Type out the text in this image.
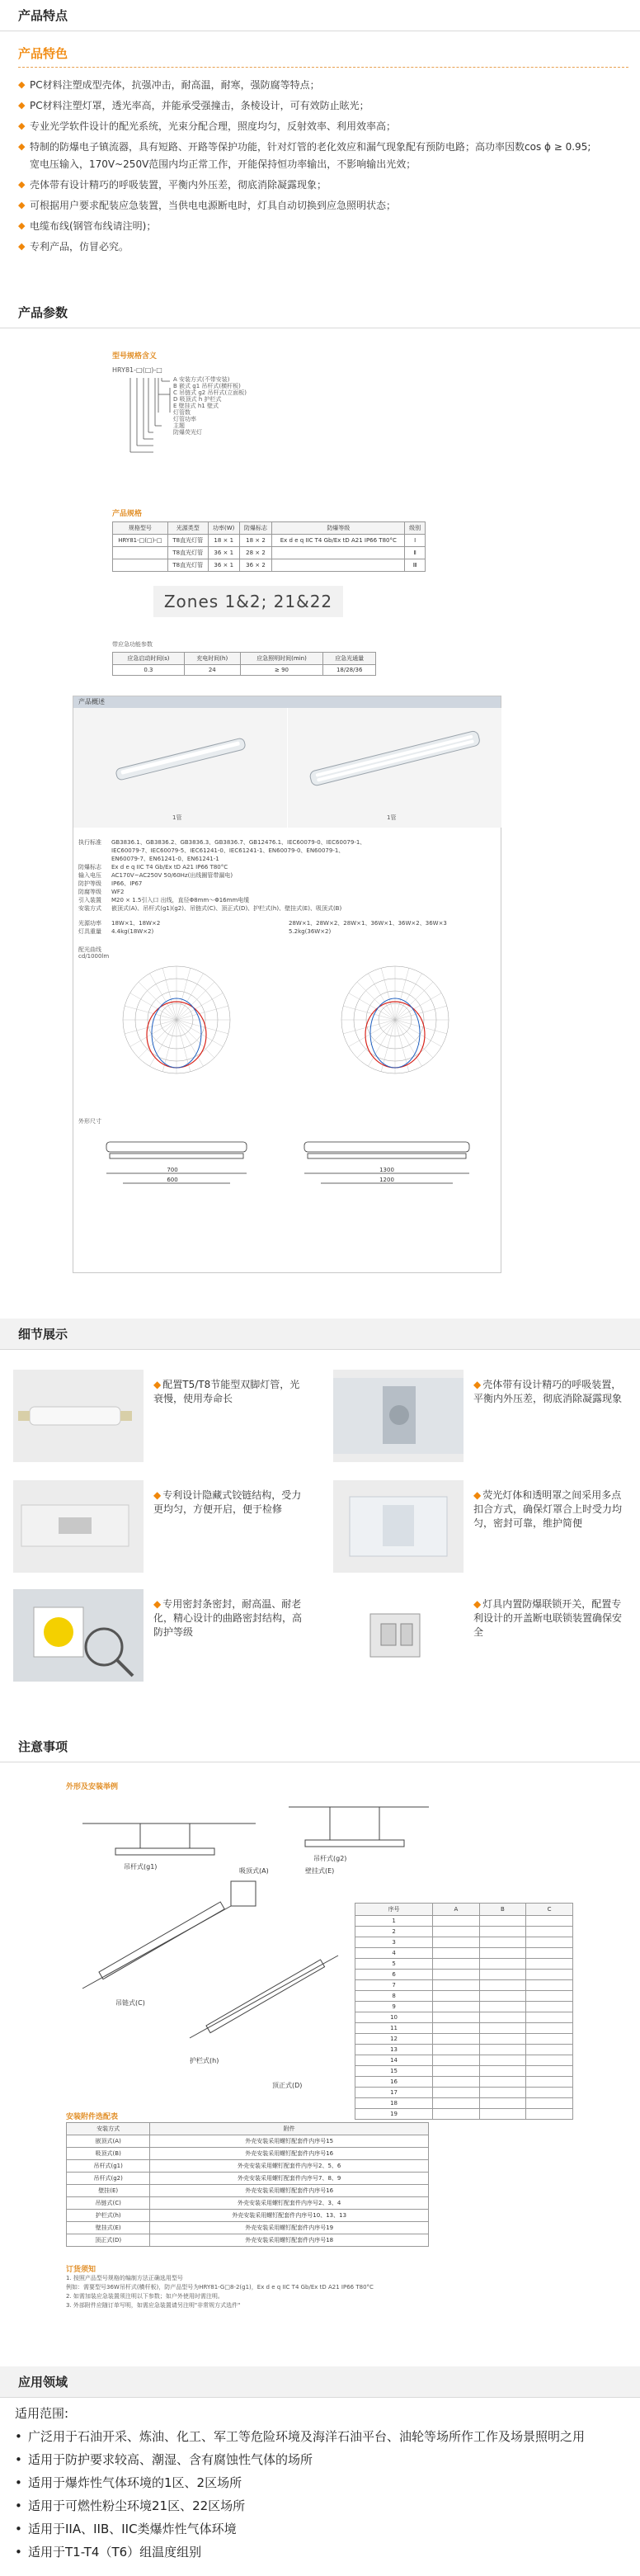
产品特点
产品特色
◆ PC材料注塑成型壳体，抗强冲击，耐高温，耐寒，强防腐等特点；
◆ PC材料注塑灯罩，透光率高，并能承受强撞击，条棱设计，可有效防止眩光；
◆ 专业光学软件设计的配光系统，光束分配合理，照度均匀，反射效率、利用效率高；
◆ 特制的防爆电子镇流器，具有短路、开路等保护功能，针对灯管的老化效应和漏气现象配有预防电路；高功率因数cos ϕ ≥ 0.95;
宽电压输入，170V~250V范围内均正常工作，开能保持恒功率输出，不影响输出光效；
◆ 壳体带有设计精巧的呼吸装置，平衡内外压差，彻底消除凝露现象；
◆ 可根据用户要求配装应急装置，当供电电源断电时，灯具自动切换到应急照明状态；
◆ 电缆布线(钢管布线请注明)；
◆ 专利产品，仿冒必究。
产品参数
型号规格含义
HRY81-□(□)-□
A 安装方式(不带安装)
B 嵌式 g1 吊杆式(横杆板)
C 吊链式 g2 吊杆式(立面板)
D 吸顶式 h 护栏式
E 壁挂式 h1 壁式
灯管数
灯管功率
主题
防爆荧光灯
产品规格
规格型号	光源类型	功率(W)	防爆标志	防爆等级	级别
HRY81-□(□)-□	T8直光灯管	18 × 1	18 × 2	Ex d e q IIC T4 Gb/Ex tD A21 IP66 T80°C	Ⅰ
	T8直光灯管	36 × 1	28 × 2		Ⅱ
	T8直光灯管	36 × 1	36 × 2		Ⅲ
Zones 1&2; 21&22
带应急功能参数
应急启动时间(s)	充电时间(h)	应急照明时间(min)	应急光通量
0.3	24	≥ 90	18/28/36
产品概述
1管	1管
执行标准	GB3836.1、GB3836.2、GB3836.3、GB3836.7、GB12476.1、IEC60079-0、IEC60079-1、
IEC60079-7、IEC60079-5、IEC61241-0、IEC61241-1、EN60079-0、EN60079-1、
EN60079-7、EN61241-0、EN61241-1
防爆标志	Ex d e q IIC T4 Gb/Ex tD A21 IP66 T80°C
输入电压	AC170V~AC250V 50/60Hz(出线圈管带漏电)
防护等级	IP66、IP67
防腐等级	WF2
引入装置	M20 × 1.5引入口 出线，直径Φ8mm～Φ16mm电缆
安装方式	嵌顶式(A)、吊杆式(g1)(g2)、吊链式(C)、顶正式(D)、护栏式(h)、壁挂式(E)、吸顶式(B)
光源功率	18W×1、18W×2	28W×1、28W×2、28W×1、36W×1、36W×2、36W×3
灯具重量	4.4kg(18W×2)	5.2kg(36W×2)
配光曲线
cd/1000lm
外形尺寸
700
600
1300
1200
细节展示
◆ 配置T5/T8节能型双脚灯管，光衰慢，使用寿命长
◆ 壳体带有设计精巧的呼吸装置，平衡内外压差，彻底消除凝露现象
◆ 专利设计隐藏式铰链结构，受力更均匀，方便开启，便于检修
◆ 荧光灯体和透明罩之间采用多点扣合方式，确保灯罩合上时受力均匀，密封可靠，维护简便
◆ 专用密封条密封，耐高温、耐老化，精心设计的曲路密封结构，高防护等级
◆ 灯具内置防爆联锁开关，配置专利设计的开盖断电联锁装置确保安全
注意事项
外形及安装举例
吊杆式(g1)吊杆式(g2)吊链式(C)吸顶式(A)护栏式(h)壁挂式(E)顶正式(D)
序号	A	B	C
1			
2			
3			
4			
5			
6			
7			
8			
9			
10			
11			
12			
13			
14			
15			
16			
17			
18			
19			
安装附件选配表
安装方式	附件
嵌顶式(A)	外壳安装采用螺钉配套件内序号15
吸顶式(B)	外壳安装采用螺钉配套件内序号16
吊杆式(g1)	外壳安装采用螺钉配套件内序号2、5、6
吊杆式(g2)	外壳安装采用螺钉配套件内序号7、8、9
壁挂(E)	外壳安装采用螺钉配套件内序号16
吊链式(C)	外壳安装采用螺钉配套件内序号2、3、4
护栏式(h)	外壳安装采用螺钉配套件内序号10、13、13
壁挂式(E)	外壳安装采用螺钉配套件内序号19
顶正式(D)	外壳安装采用螺钉配套件内序号18
订货须知
1. 按照产品型号规格的编制方法正确选用型号
例如：需要型号36W吊杆式(横杆板)，防产品型号为HRY81-G□8-2(g1)，Ex d e q IIC T4 Gb/Ex tD A21 IP66 T80°C
2. 如需加装应急装置须注明以下参数；如户外使用时需注明。
3. 外部附件应随订单写明，如需应急装置请另注明"非常规方式选件"
应用领域
适用范围:
• 广泛用于石油开采、炼油、化工、军工等危险环境及海洋石油平台、油轮等场所作工作及场景照明之用
• 适用于防护要求较高、潮湿、含有腐蚀性气体的场所
• 适用于爆炸性气体环境的1区、2区场所
• 适用于可燃性粉尘环境21区、22区场所
• 适用于IIA、IIB、IIC类爆炸性气体环境
• 适用于T1-T4（T6）组温度组别
